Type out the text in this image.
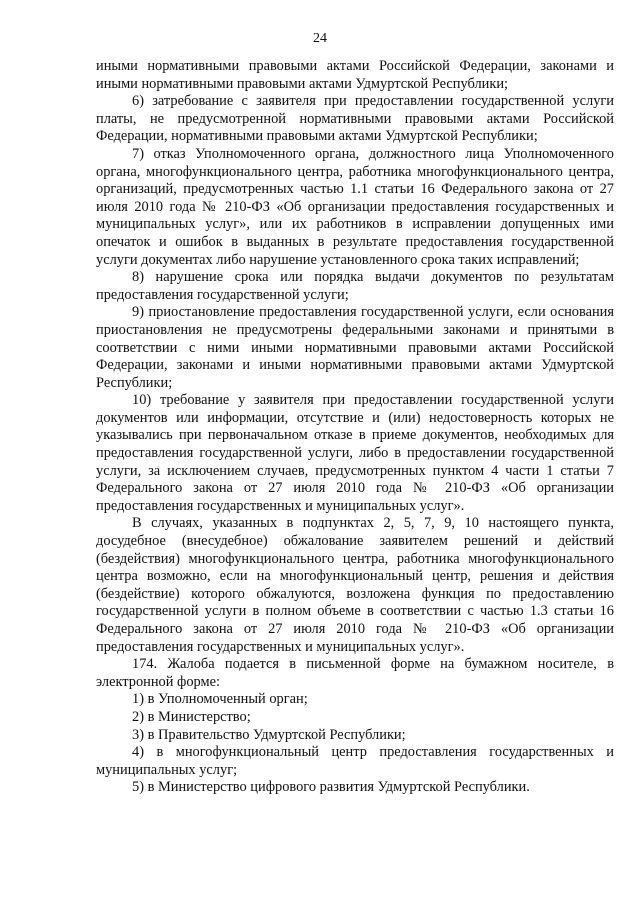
24

иными нормативными правовыми актами Российской Федерации, законами и иными нормативными правовыми актами Удмуртской Республики;

6) затребование с заявителя при предоставлении государственной услуги платы, не предусмотренной нормативными правовыми актами Российской Федерации, нормативными правовыми актами Удмуртской Республики;

7) отказ Уполномоченного органа, должностного лица Уполномоченного органа, многофункционального центра, работника многофункционального центра, организаций, предусмотренных частью 1.1 статьи 16 Федерального закона от 27 июля 2010 года № 210-ФЗ «Об организации предоставления государственных и муниципальных услуг», или их работников в исправлении допущенных ими опечаток и ошибок в выданных в результате предоставления государственной услуги документах либо нарушение установленного срока таких исправлений;

8) нарушение срока или порядка выдачи документов по результатам предоставления государственной услуги;

9) приостановление предоставления государственной услуги, если основания приостановления не предусмотрены федеральными законами и принятыми в соответствии с ними иными нормативными правовыми актами Российской Федерации, законами и иными нормативными правовыми актами Удмуртской Республики;

10) требование у заявителя при предоставлении государственной услуги документов или информации, отсутствие и (или) недостоверность которых не указывались при первоначальном отказе в приеме документов, необходимых для предоставления государственной услуги, либо в предоставлении государственной услуги, за исключением случаев, предусмотренных пунктом 4 части 1 статьи 7 Федерального закона от 27 июля 2010 года № 210-ФЗ «Об организации предоставления государственных и муниципальных услуг».

В случаях, указанных в подпунктах 2, 5, 7, 9, 10 настоящего пункта, досудебное (внесудебное) обжалование заявителем решений и действий (бездействия) многофункционального центра, работника многофункционального центра возможно, если на многофункциональный центр, решения и действия (бездействие) которого обжалуются, возложена функция по предоставлению государственной услуги в полном объеме в соответствии с частью 1.3 статьи 16 Федерального закона от 27 июля 2010 года № 210-ФЗ «Об организации предоставления государственных и муниципальных услуг».

174. Жалоба подается в письменной форме на бумажном носителе, в электронной форме:

1) в Уполномоченный орган;

2) в Министерство;

3) в Правительство Удмуртской Республики;

4) в многофункциональный центр предоставления государственных и муниципальных услуг;

5) в Министерство цифрового развития Удмуртской Республики.
